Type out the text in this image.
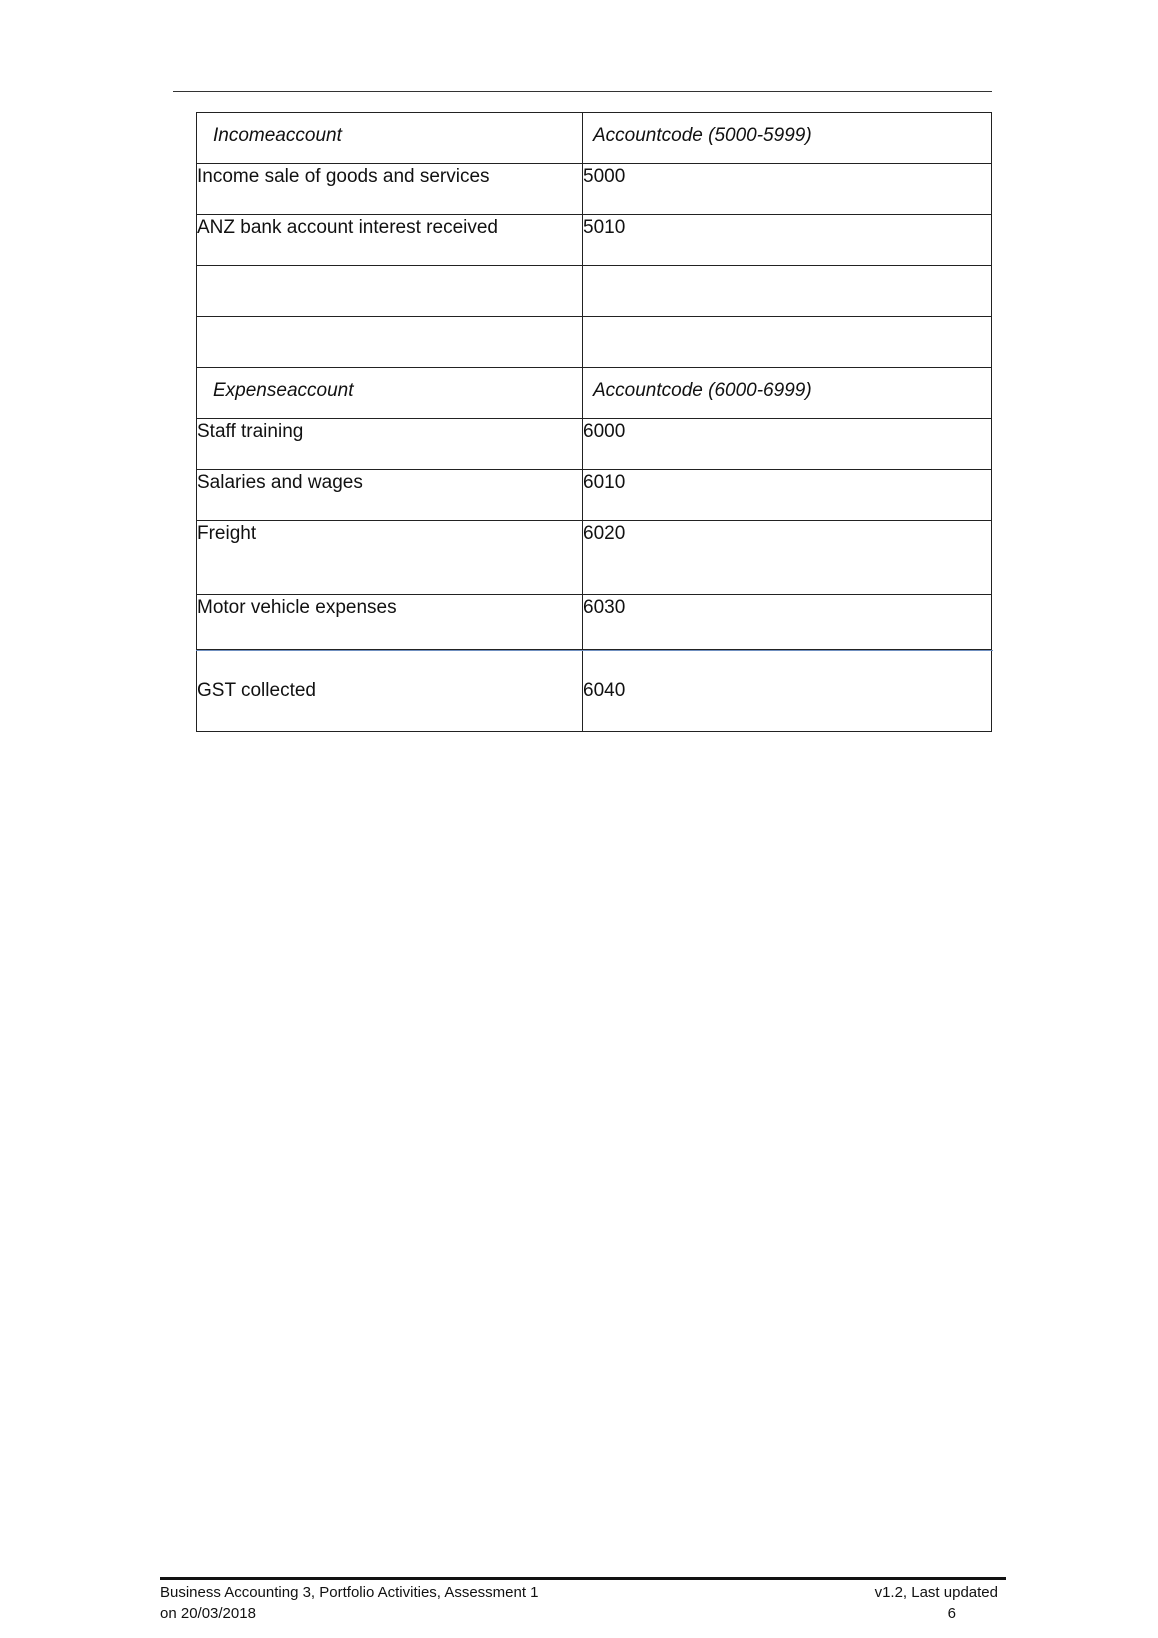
Incomeaccount	Accountcode (5000-5999)
Income sale of goods and services	5000
ANZ bank account interest received	5010

Expenseaccount	Accountcode (6000-6999)
Staff training	6000
Salaries and wages	6010
Freight	6020
Motor vehicle expenses	6030
GST collected	6040
Business Accounting 3, Portfolio Activities, Assessment 1
on 20/03/2018
v1.2, Last updated
6
